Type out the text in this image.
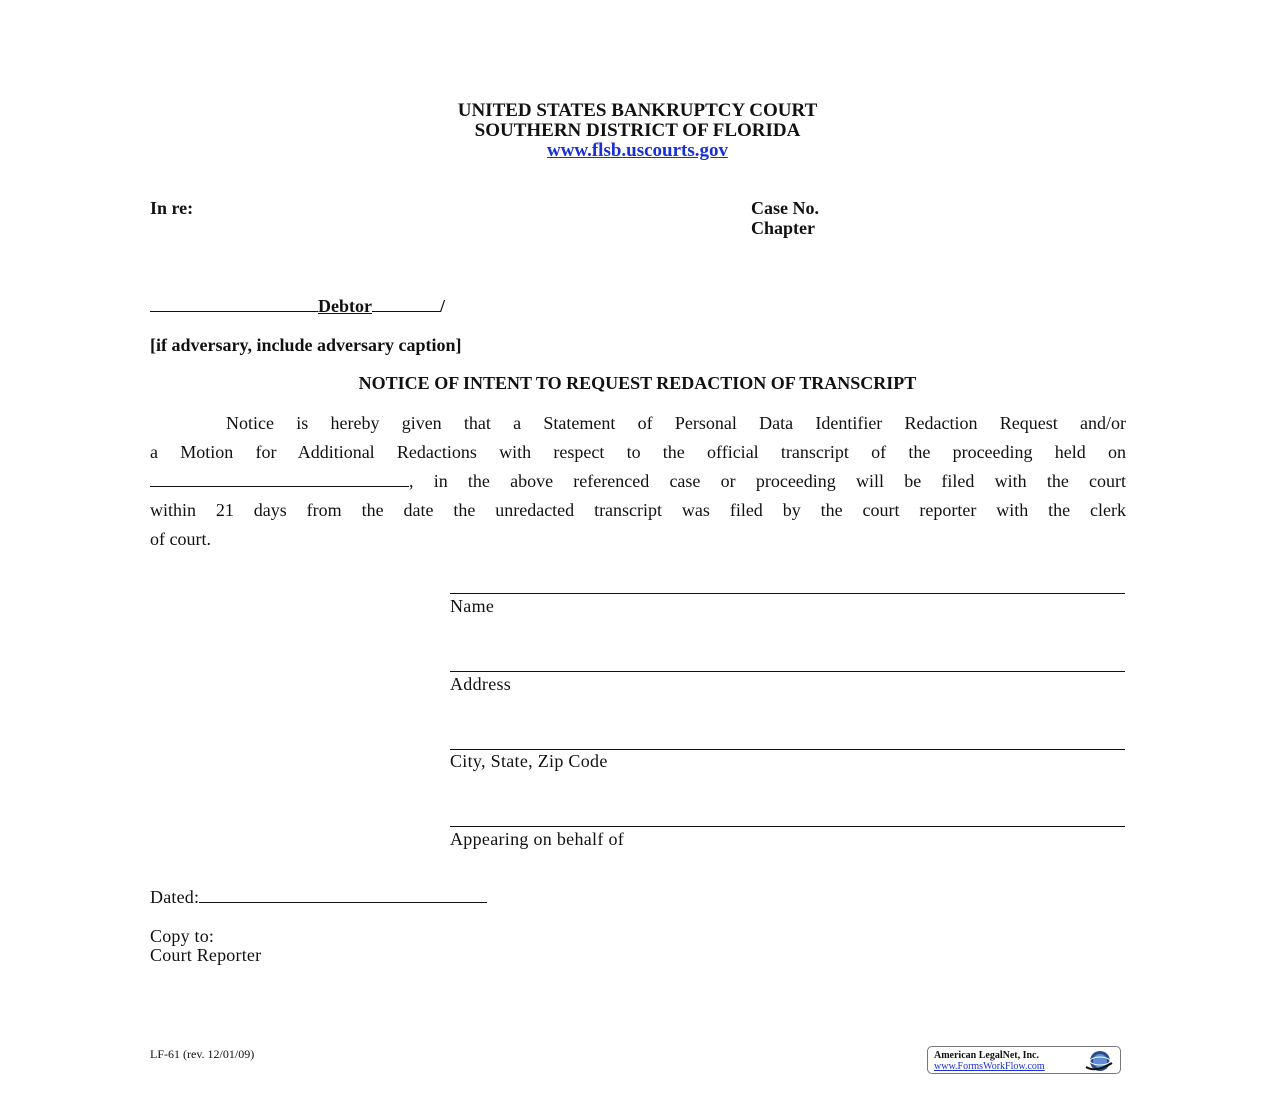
UNITED STATES BANKRUPTCY COURT
SOUTHERN DISTRICT OF FLORIDA
www.flsb.uscourts.gov
In re:	Case No.
Chapter
Debtor	/
[if adversary, include adversary caption]
NOTICE OF INTENT TO REQUEST REDACTION OF TRANSCRIPT
Notice is hereby given that a Statement of Personal Data Identifier Redaction Request and/or
a Motion for Additional Redactions with respect to the official transcript of the proceeding held on
, in the above referenced case or proceeding will be filed with the court
within 21 days from the date the unredacted transcript was filed by the court reporter with the clerk
of court.
Name
Address
City, State, Zip Code
Appearing on behalf of
Dated:
Copy to:
Court Reporter
LF-61 (rev. 12/01/09)	American LegalNet, Inc.
www.FormsWorkFlow.com
